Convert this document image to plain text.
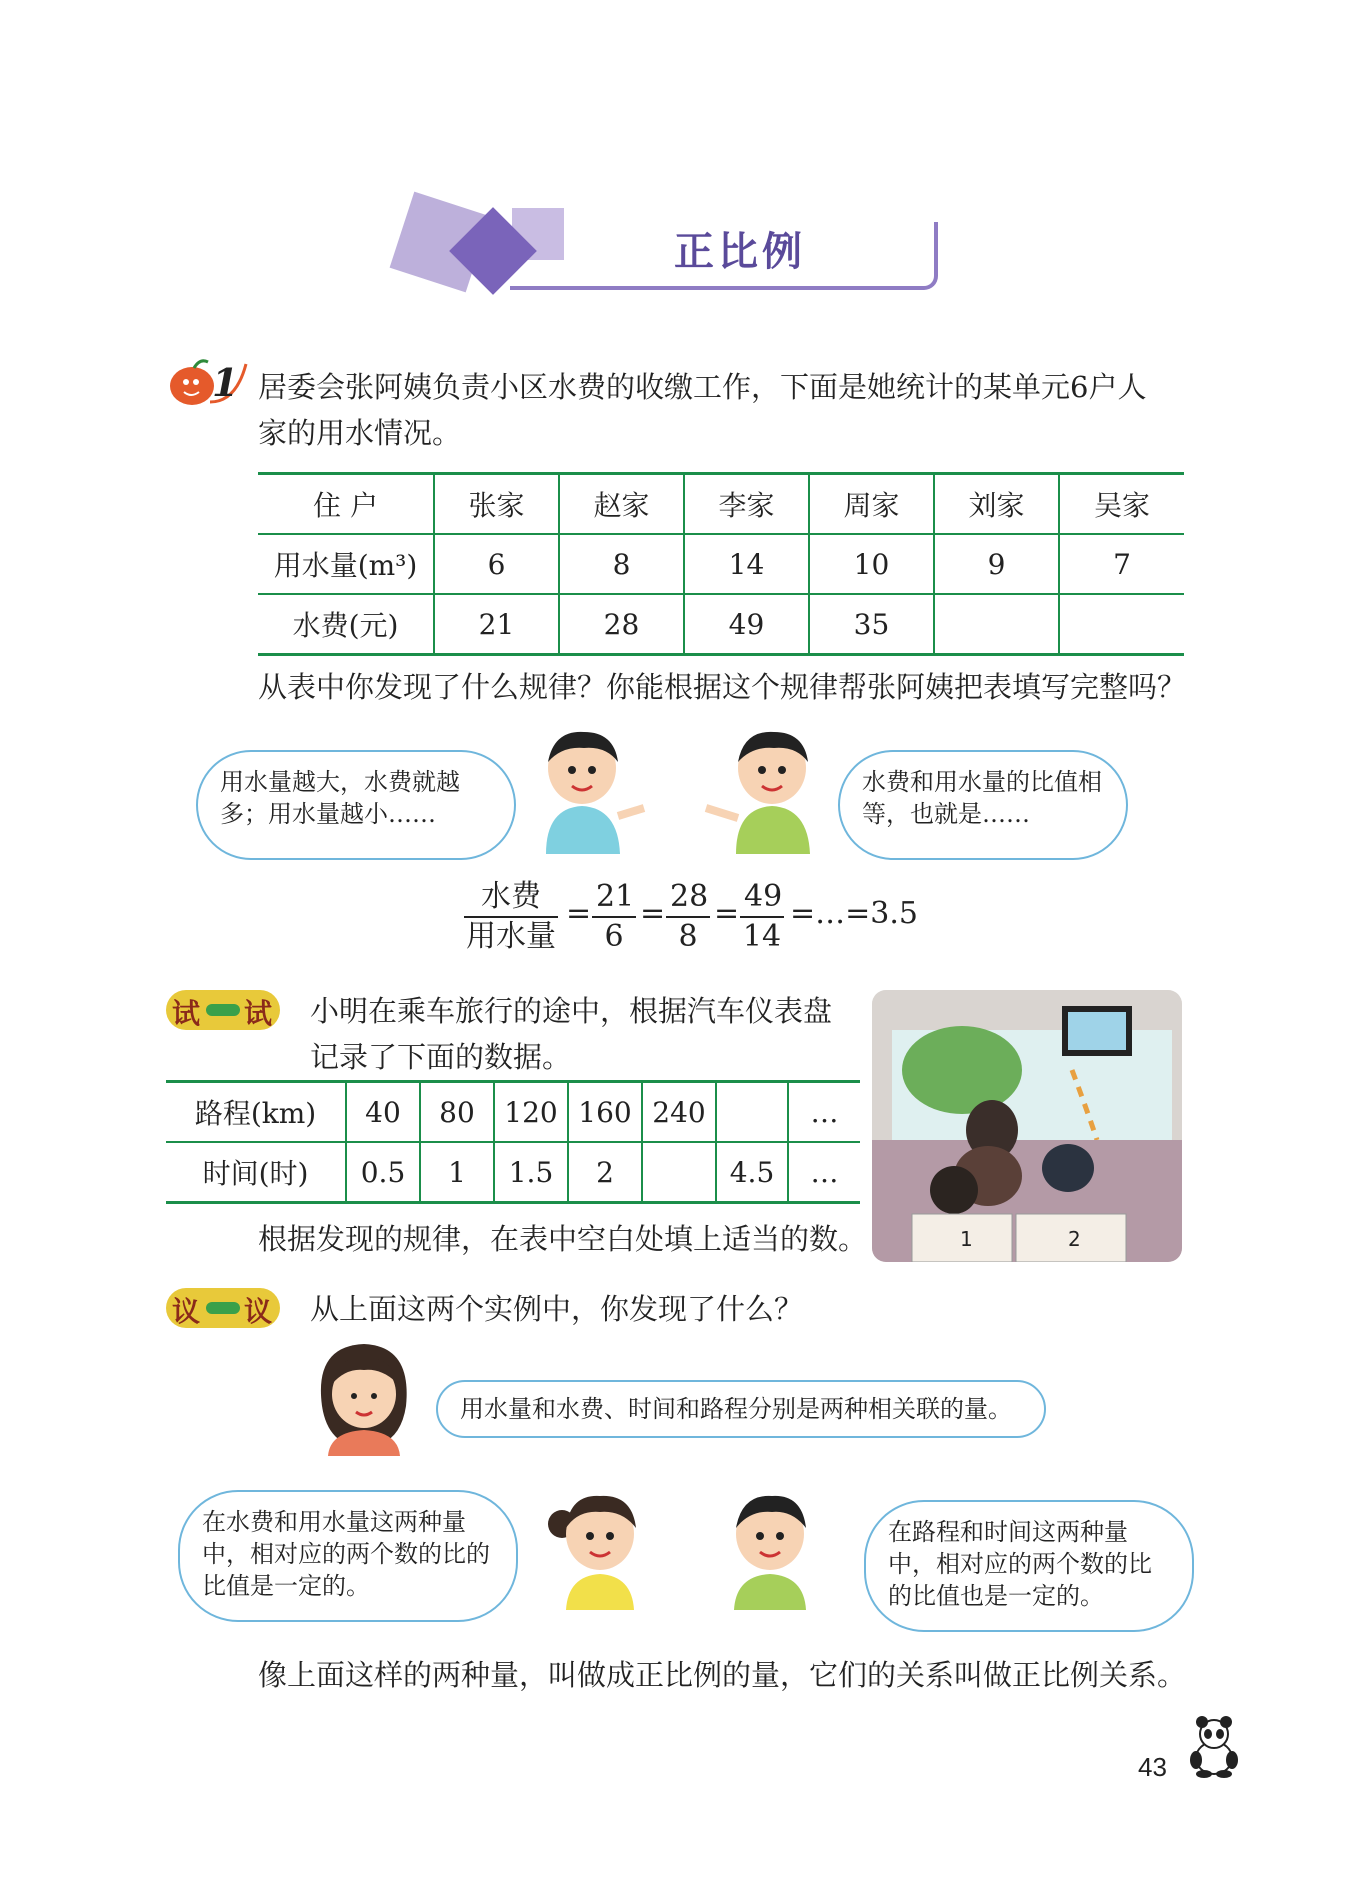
正比例
1 居委会张阿姨负责小区水费的收缴工作，下面是她统计的某单元6户人
家的用水情况。
住 户	张家	赵家	李家	周家	刘家	吴家
用水量(m³)	6	8	14	10	9	7
水费(元)	21	28	49	35		
从表中你发现了什么规律？你能根据这个规律帮张阿姨把表填写完整吗？
用水量越大，水费就越多；用水量越小……
水费和用水量的比值相等，也就是……
水费
用水量
= $\frac{21}{6} = \frac{28}{8} = \frac{49}{14}$ =…=3.5
试 试 小明在乘车旅行的途中，根据汽车仪表盘
记录了下面的数据。
路程(km)	40	80	120	160	240		…
时间(时)	0.5	1	1.5	2		4.5	…
根据发现的规律，在表中空白处填上适当的数。	1	2
议 议 从上面这两个实例中，你发现了什么？
用水量和水费、时间和路程分别是两种相关联的量。
在水费和用水量这两种量中，相对应的两个数的比的比值是一定的。
在路程和时间这两种量中，相对应的两个数的比的比值也是一定的。
像上面这样的两种量，叫做成正比例的量，它们的关系叫做正比例关系。
43
